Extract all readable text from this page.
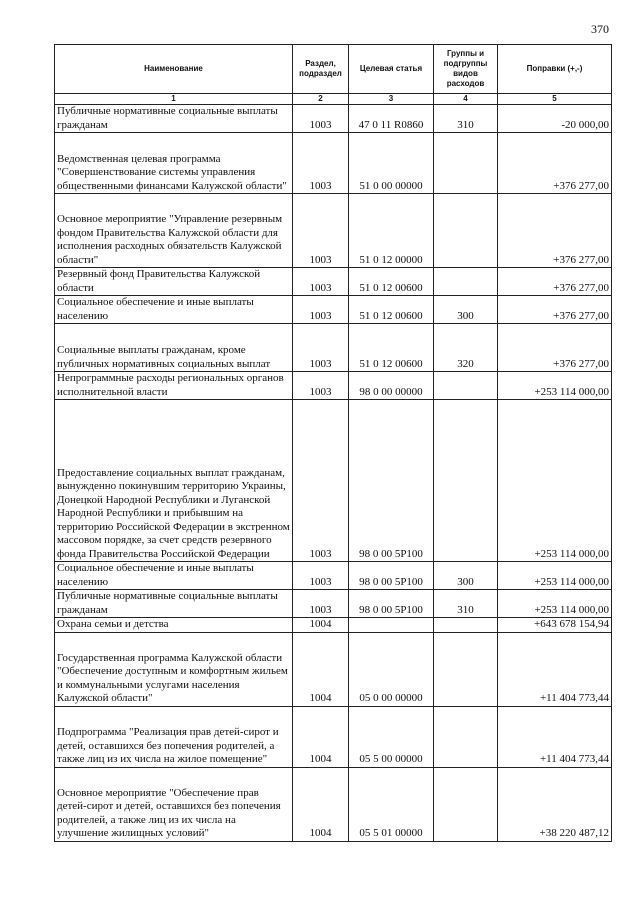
370
Наименование	Раздел, подраздел	Целевая статья	Группы и подгруппы видов расходов	Поправки (+,-)
1	2	3	4	5
Публичные нормативные социальные выплаты гражданам	1003	47 0 11 R0860	310	-20 000,00
Ведомственная целевая программа "Совершенствование системы управления общественными финансами Калужской области"	1003	51 0 00 00000		+376 277,00
Основное мероприятие "Управление резервным фондом Правительства Калужской области для исполнения расходных обязательств Калужской области"	1003	51 0 12 00000		+376 277,00
Резервный фонд Правительства Калужской области	1003	51 0 12 00600		+376 277,00
Социальное обеспечение и иные выплаты населению	1003	51 0 12 00600	300	+376 277,00
Социальные выплаты гражданам, кроме публичных нормативных социальных выплат	1003	51 0 12 00600	320	+376 277,00
Непрограммные расходы региональных органов исполнительной власти	1003	98 0 00 00000		+253 114 000,00
Предоставление социальных выплат гражданам, вынужденно покинувшим территорию Украины, Донецкой Народной Республики и Луганской Народной Республики и прибывшим на территорию Российской Федерации в экстренном массовом порядке, за счет средств резервного фонда Правительства Российской Федерации	1003	98 0 00 5Р100		+253 114 000,00
Социальное обеспечение и иные выплаты населению	1003	98 0 00 5Р100	300	+253 114 000,00
Публичные нормативные социальные выплаты гражданам	1003	98 0 00 5Р100	310	+253 114 000,00
Охрана семьи и детства	1004			+643 678 154,94
Государственная программа Калужской области "Обеспечение доступным и комфортным жильем и коммунальными услугами населения Калужской области"	1004	05 0 00 00000		+11 404 773,44
Подпрограмма "Реализация прав детей-сирот и детей, оставшихся без попечения родителей, а также лиц из их числа на жилое помещение"	1004	05 5 00 00000		+11 404 773,44
Основное мероприятие "Обеспечение прав детей-сирот и детей, оставшихся без попечения родителей, а также лиц из их числа на улучшение жилищных условий"	1004	05 5 01 00000		+38 220 487,12
